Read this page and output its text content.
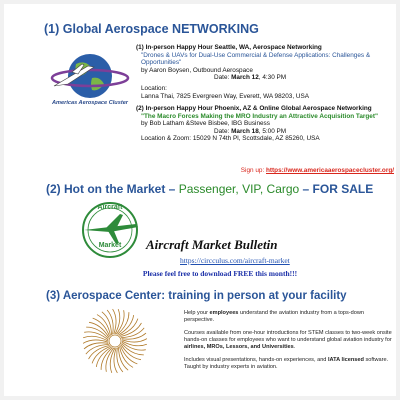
(1) Global Aerospace NETWORKING
Americas Aerospace Cluster
(1) In-person Happy Hour Seattle, WA, Aerospace Networking
"Drones & UAVs for Dual-Use Commercial & Defense Applications: Challenges & Opportunities"
by Aaron Boysen, Outbound Aerospace
Date: March 12, 4:30 PM
Location:
Lanna Thai, 7825 Evergreen Way, Everett, WA 98203, USA
(2) In-person Happy Hour Phoenix, AZ & Online Global Aerospace Networking
"The Macro Forces Making the MRO Industry an Attractive Acquisition Target"
by Bob Latham &Steve Bisbee, IBG Business
Date: March 18, 5:00 PM
Location & Zoom: 15029 N 74th Pl, Scottsdale, AZ 85260, USA
Sign up: https://www.americaaerospacecluster.org/
(2) Hot on the Market – Passenger, VIP, Cargo – FOR SALE
Aircraft
Market	Aircraft Market Bulletin
https://circculus.com/aircraft-market
Please feel free to download FREE this month!!!
(3) Aerospace Center: training in person at your facility
Help your employees understand the aviation industry from a tops-down perspective.
Courses available from one-hour introductions for STEM classes to two-week onsite hands-on classes for employees who want to understand global aviation industry for airlines, MROs, Lessors, and Universities.
Includes visual presentations, hands-on experiences, and IATA licensed software. Taught by industry experts in aviation.
